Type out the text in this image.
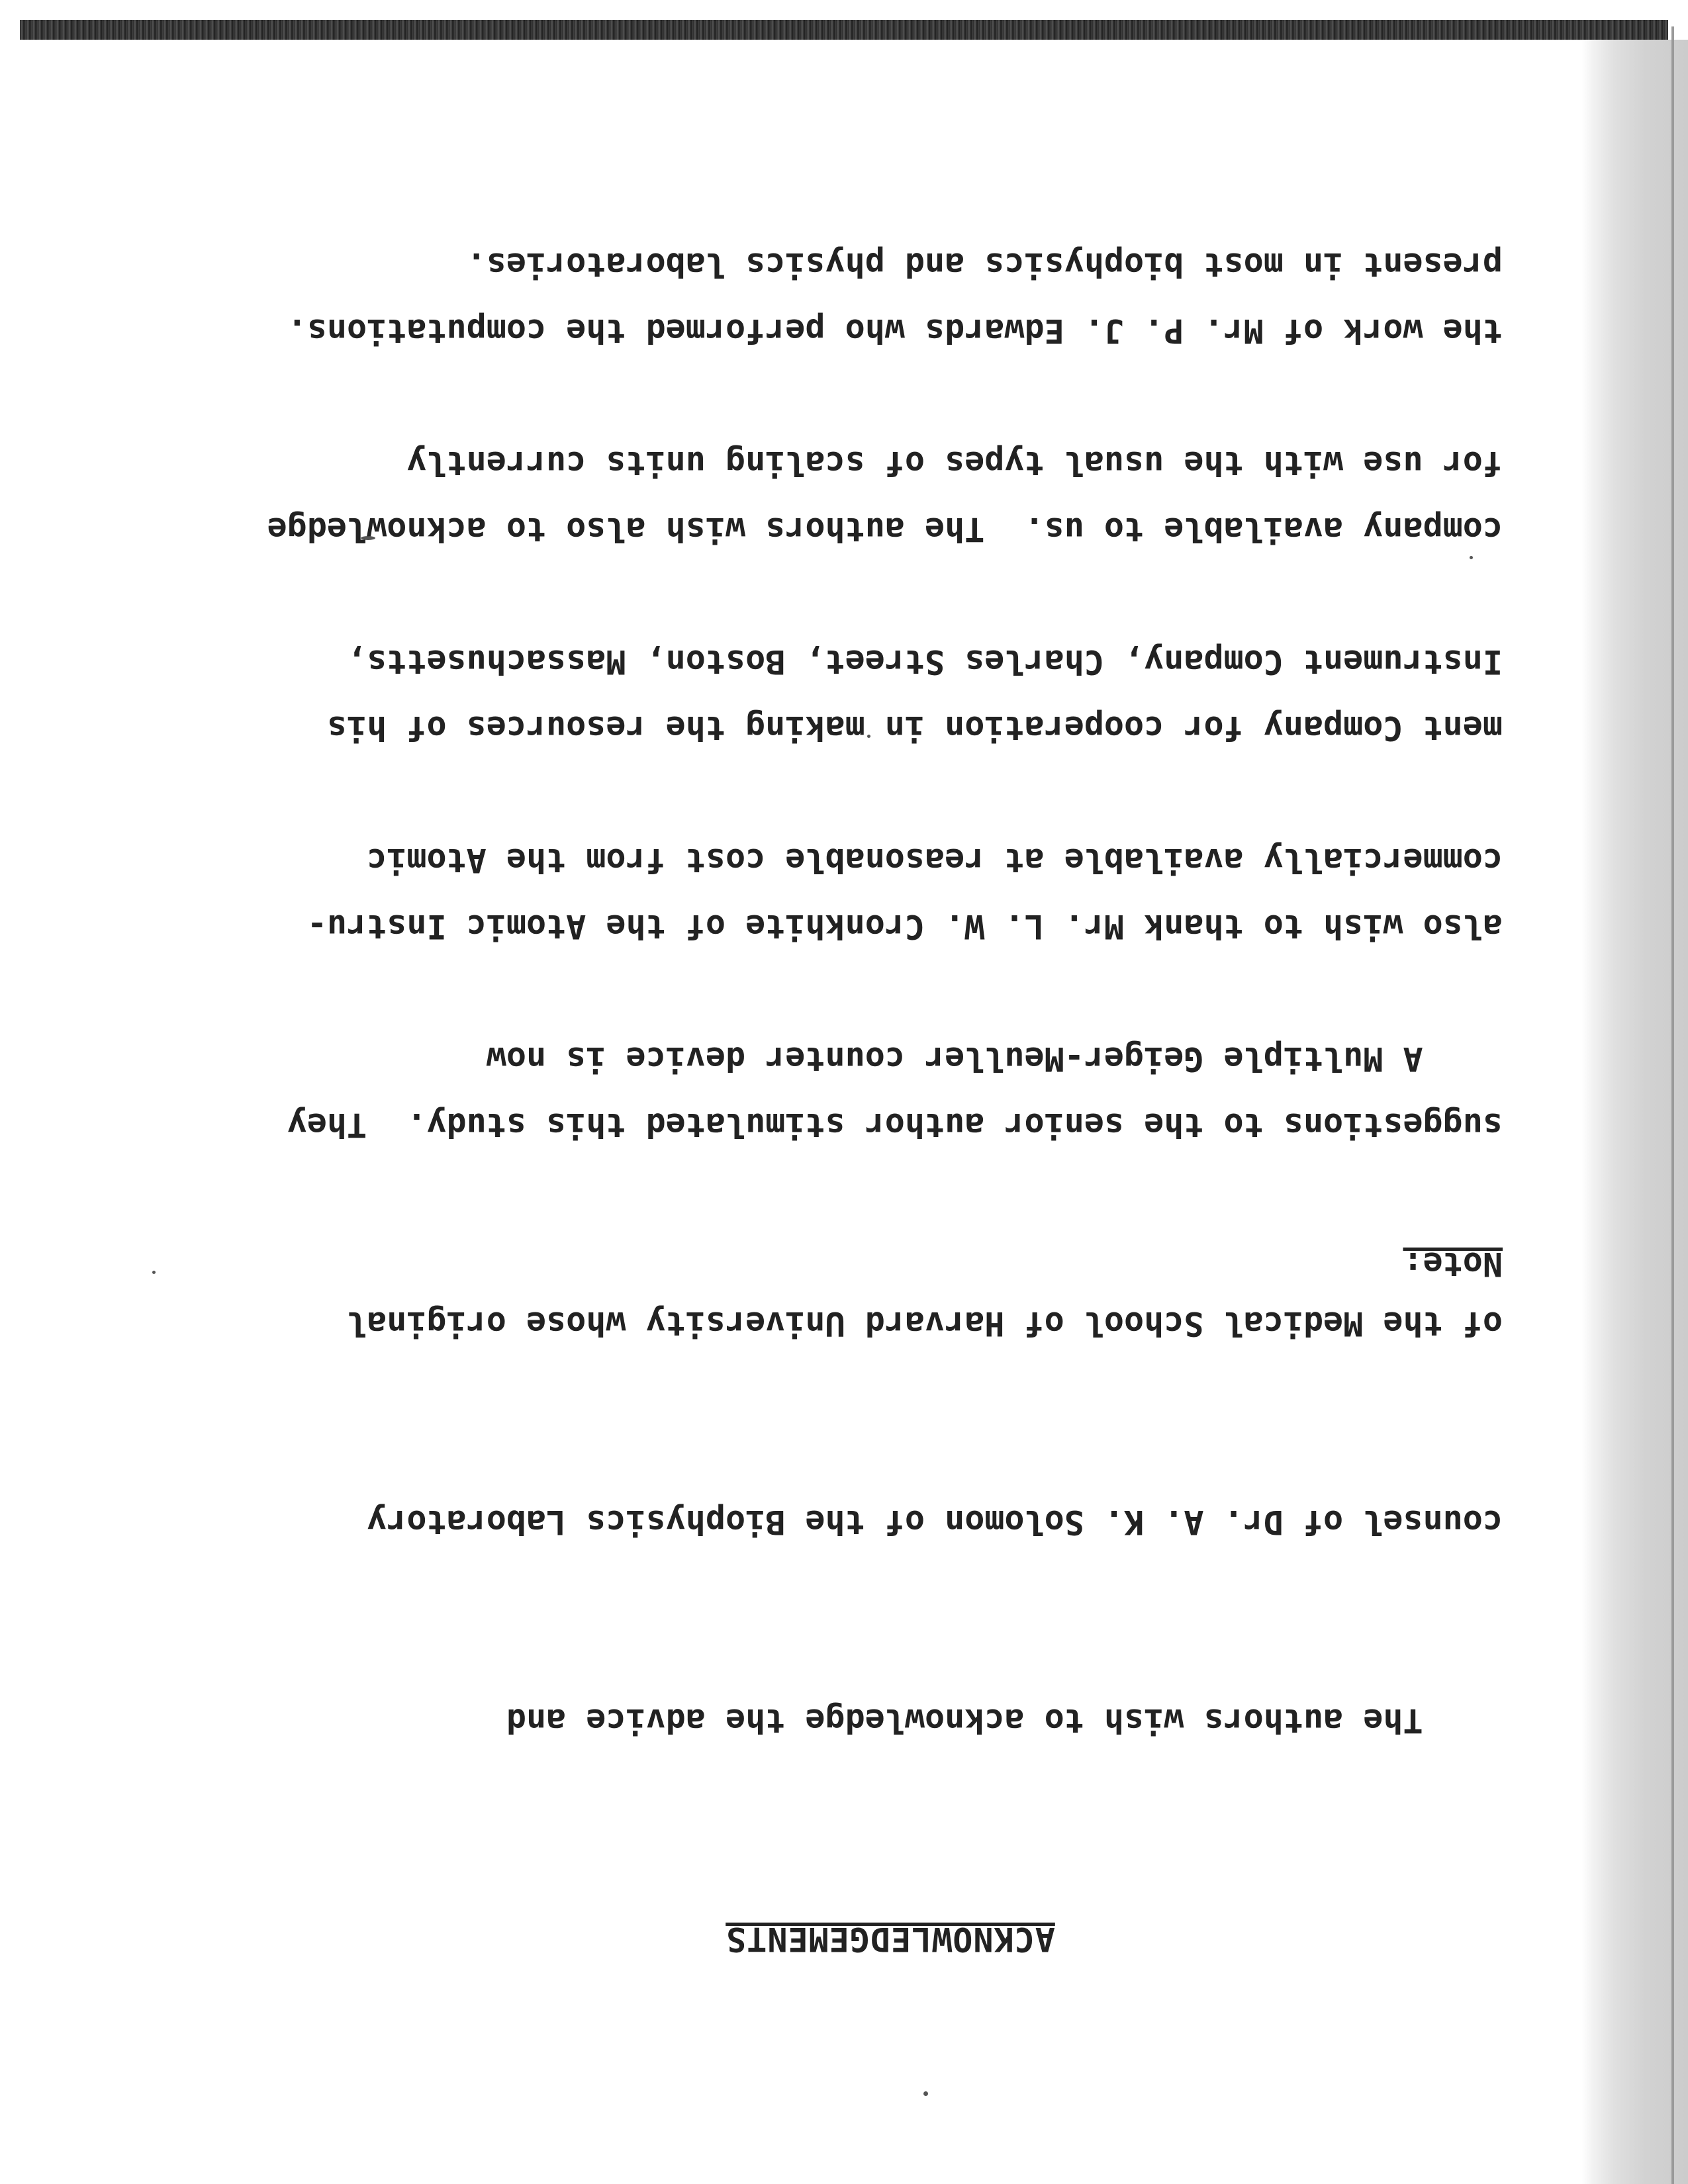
ACKNOWLEDGEMENTS

The authors wish to acknowledge the advice and

counsel of Dr. A. K. Solomon of the Biophysics Laboratory

of the Medical School of Harvard University whose original

suggestions to the senior author stimulated this study.  They

also wish to thank Mr. L. W. Cronkhite of the Atomic Instru-

ment Company for cooperation in making the resources of his

company available to us.  The authors wish also to acknowledge

the work of Mr. P. J. Edwards who performed the computations.

Note:

A Multiple Geiger-Meuller counter device is now

commercially available at reasonable cost from the Atomic

Instrument Company, Charles Street, Boston, Massachusetts,

for use with the usual types of scaling units currently

present in most biophysics and physics laboratories.
